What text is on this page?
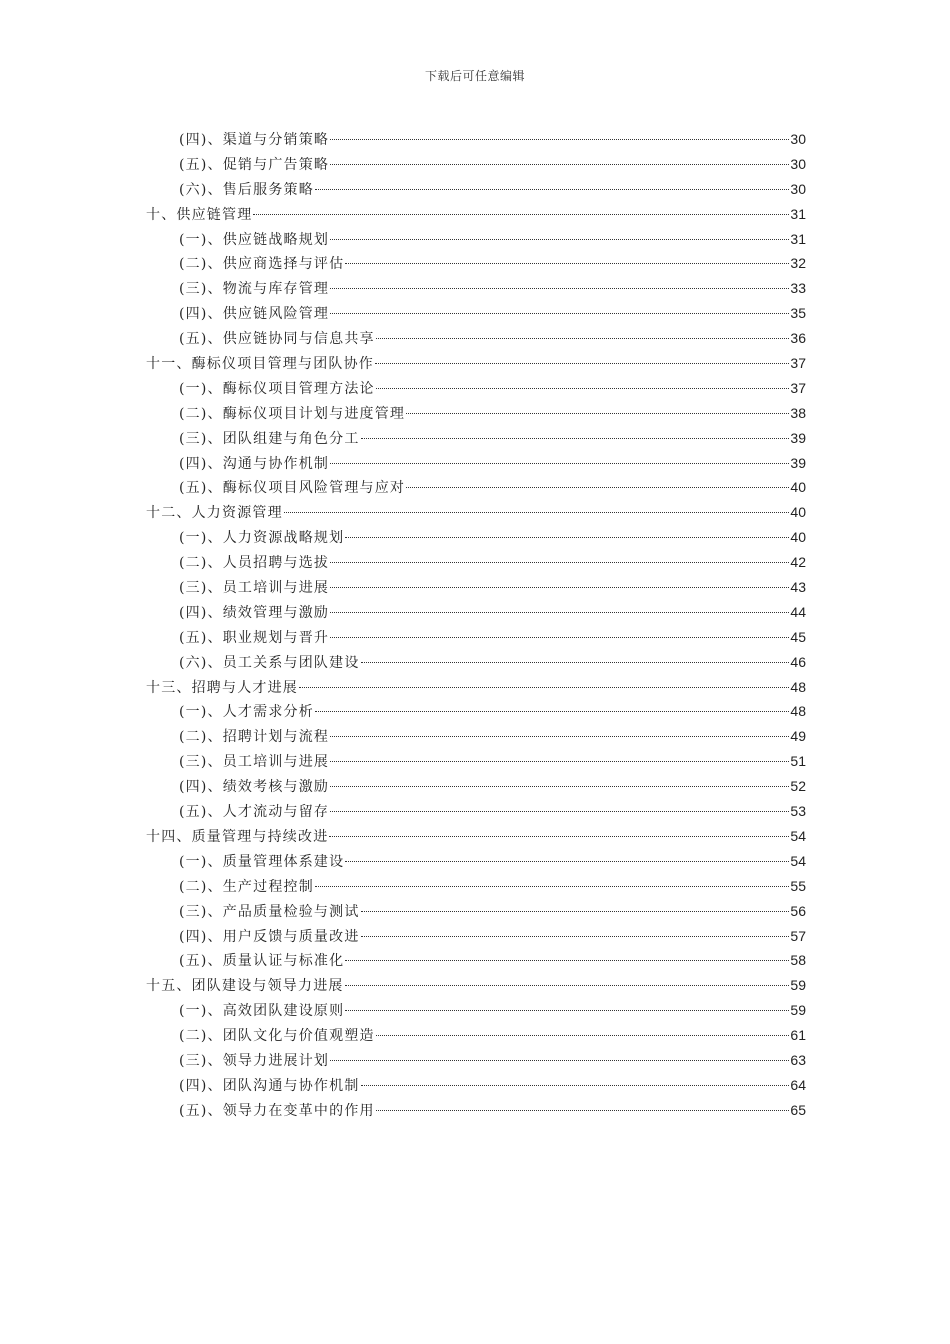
下载后可任意编辑
(四)、渠道与分销策略	30
(五)、促销与广告策略	30
(六)、售后服务策略	30
十、供应链管理	31
(一)、供应链战略规划	31
(二)、供应商选择与评估	32
(三)、物流与库存管理	33
(四)、供应链风险管理	35
(五)、供应链协同与信息共享	36
十一、酶标仪项目管理与团队协作	37
(一)、酶标仪项目管理方法论	37
(二)、酶标仪项目计划与进度管理	38
(三)、团队组建与角色分工	39
(四)、沟通与协作机制	39
(五)、酶标仪项目风险管理与应对	40
十二、人力资源管理	40
(一)、人力资源战略规划	40
(二)、人员招聘与选拔	42
(三)、员工培训与进展	43
(四)、绩效管理与激励	44
(五)、职业规划与晋升	45
(六)、员工关系与团队建设	46
十三、招聘与人才进展	48
(一)、人才需求分析	48
(二)、招聘计划与流程	49
(三)、员工培训与进展	51
(四)、绩效考核与激励	52
(五)、人才流动与留存	53
十四、质量管理与持续改进	54
(一)、质量管理体系建设	54
(二)、生产过程控制	55
(三)、产品质量检验与测试	56
(四)、用户反馈与质量改进	57
(五)、质量认证与标准化	58
十五、团队建设与领导力进展	59
(一)、高效团队建设原则	59
(二)、团队文化与价值观塑造	61
(三)、领导力进展计划	63
(四)、团队沟通与协作机制	64
(五)、领导力在变革中的作用	65
